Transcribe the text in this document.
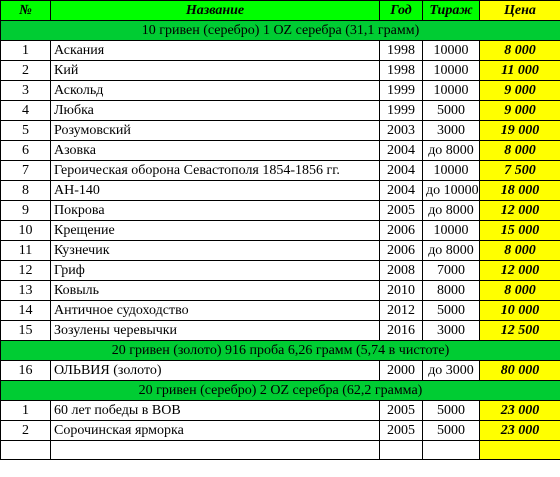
№	Название	Год	Тираж	Цена
10 гривен (серебро) 1 OZ серебра (31,1 грамм)				
1	Аскания	1998	10000	8 000
2	Кий	1998	10000	11 000
3	Аскольд	1999	10000	9 000
4	Любка	1999	5000	9 000
5	Розумовский	2003	3000	19 000
6	Азовка	2004	до 8000	8 000
7	Героическая оборона Севастополя 1854-1856 гг.	2004	10000	7 500
8	АН-140	2004	до 10000	18 000
9	Покрова	2005	до 8000	12 000
10	Крещение	2006	10000	15 000
11	Кузнечик	2006	до 8000	8 000
12	Гриф	2008	7000	12 000
13	Ковыль	2010	8000	8 000
14	Античное судоходство	2012	5000	10 000
15	Зозулены черевычки	2016	3000	12 500
20 гривен (золото) 916 проба 6,26 грамм (5,74 в чистоте)				
16	ОЛЬВИЯ (золото)	2000	до 3000	80 000
20 гривен (серебро) 2 OZ серебра (62,2 грамма)				
1	60 лет победы в ВОВ	2005	5000	23 000
2	Сорочинская ярморка	2005	5000	23 000
